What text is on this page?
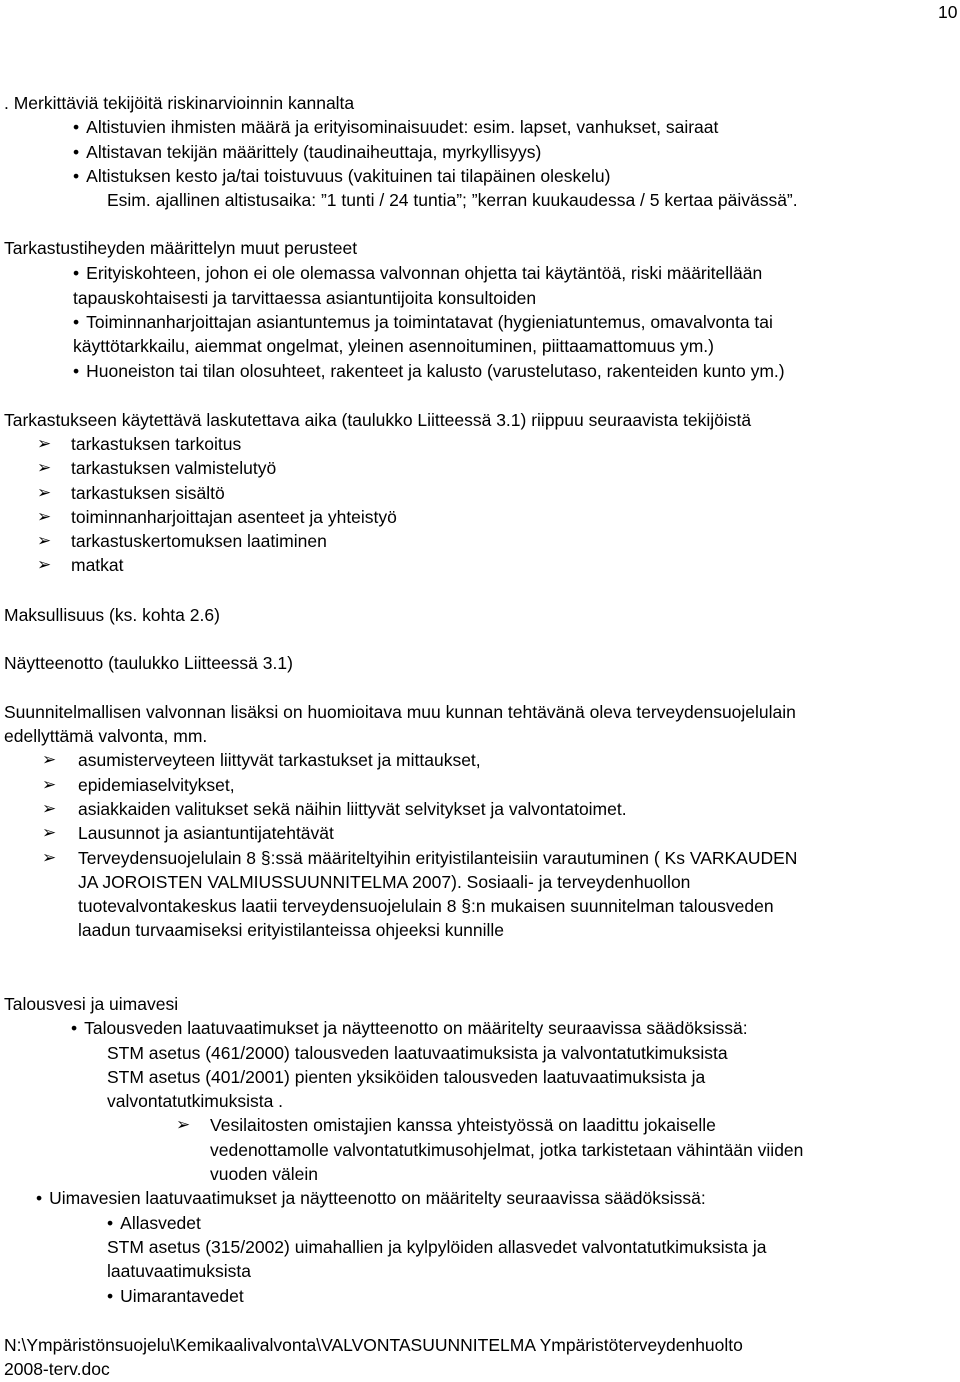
10
. Merkittäviä tekijöitä riskinarvioinnin kannalta
• Altistuvien ihmisten määrä ja erityisominaisuudet: esim. lapset, vanhukset, sairaat
• Altistavan tekijän määrittely (taudinaiheuttaja, myrkyllisyys)
• Altistuksen kesto ja/tai toistuvuus (vakituinen tai tilapäinen oleskelu)
Esim. ajallinen altistusaika: ”1 tunti / 24 tuntia”; ”kerran kuukaudessa / 5 kertaa päivässä”.
Tarkastustiheyden määrittelyn muut perusteet
• Erityiskohteen, johon ei ole olemassa valvonnan ohjetta tai käytäntöä, riski määritellään
tapauskohtaisesti ja tarvittaessa asiantuntijoita konsultoiden
• Toiminnanharjoittajan asiantuntemus ja toimintatavat (hygieniatuntemus, omavalvonta tai
käyttötarkkailu, aiemmat ongelmat, yleinen asennoituminen, piittaamattomuus ym.)
• Huoneiston tai tilan olosuhteet, rakenteet ja kalusto (varustelutaso, rakenteiden kunto ym.)
Tarkastukseen käytettävä laskutettava aika (taulukko Liitteessä 3.1) riippuu seuraavista tekijöistä
➢ tarkastuksen tarkoitus
➢ tarkastuksen valmistelutyö
➢ tarkastuksen sisältö
➢ toiminnanharjoittajan asenteet ja yhteistyö
➢ tarkastuskertomuksen laatiminen
➢ matkat
Maksullisuus (ks. kohta 2.6)
Näytteenotto (taulukko Liitteessä 3.1)
Suunnitelmallisen valvonnan lisäksi on huomioitava muu kunnan tehtävänä oleva terveydensuojelulain
edellyttämä valvonta, mm.
➢ asumisterveyteen liittyvät tarkastukset ja mittaukset,
➢ epidemiaselvitykset,
➢ asiakkaiden valitukset sekä näihin liittyvät selvitykset ja valvontatoimet.
➢ Lausunnot ja asiantuntijatehtävät
➢ Terveydensuojelulain 8 §:ssä määriteltyihin erityistilanteisiin varautuminen ( Ks VARKAUDEN
JA JOROISTEN VALMIUSSUUNNITELMA 2007). Sosiaali- ja terveydenhuollon
tuotevalvontakeskus laatii terveydensuojelulain 8 §:n mukaisen suunnitelman talousveden
laadun turvaamiseksi erityistilanteissa ohjeeksi kunnille
Talousvesi ja uimavesi
• Talousveden laatuvaatimukset ja näytteenotto on määritelty seuraavissa säädöksissä:
STM asetus (461/2000) talousveden laatuvaatimuksista ja valvontatutkimuksista
STM asetus (401/2001) pienten yksiköiden talousveden laatuvaatimuksista ja
valvontatutkimuksista .
➢ Vesilaitosten omistajien kanssa yhteistyössä on laadittu jokaiselle
vedenottamolle valvontatutkimusohjelmat, jotka tarkistetaan vähintään viiden
vuoden välein
• Uimavesien laatuvaatimukset ja näytteenotto on määritelty seuraavissa säädöksissä:
• Allasvedet
STM asetus (315/2002) uimahallien ja kylpylöiden allasvedet valvontatutkimuksista ja
laatuvaatimuksista
• Uimarantavedet
N:\Ympäristönsuojelu\Kemikaalivalvonta\VALVONTASUUNNITELMA Ympäristöterveydenhuolto
2008-terv.doc
